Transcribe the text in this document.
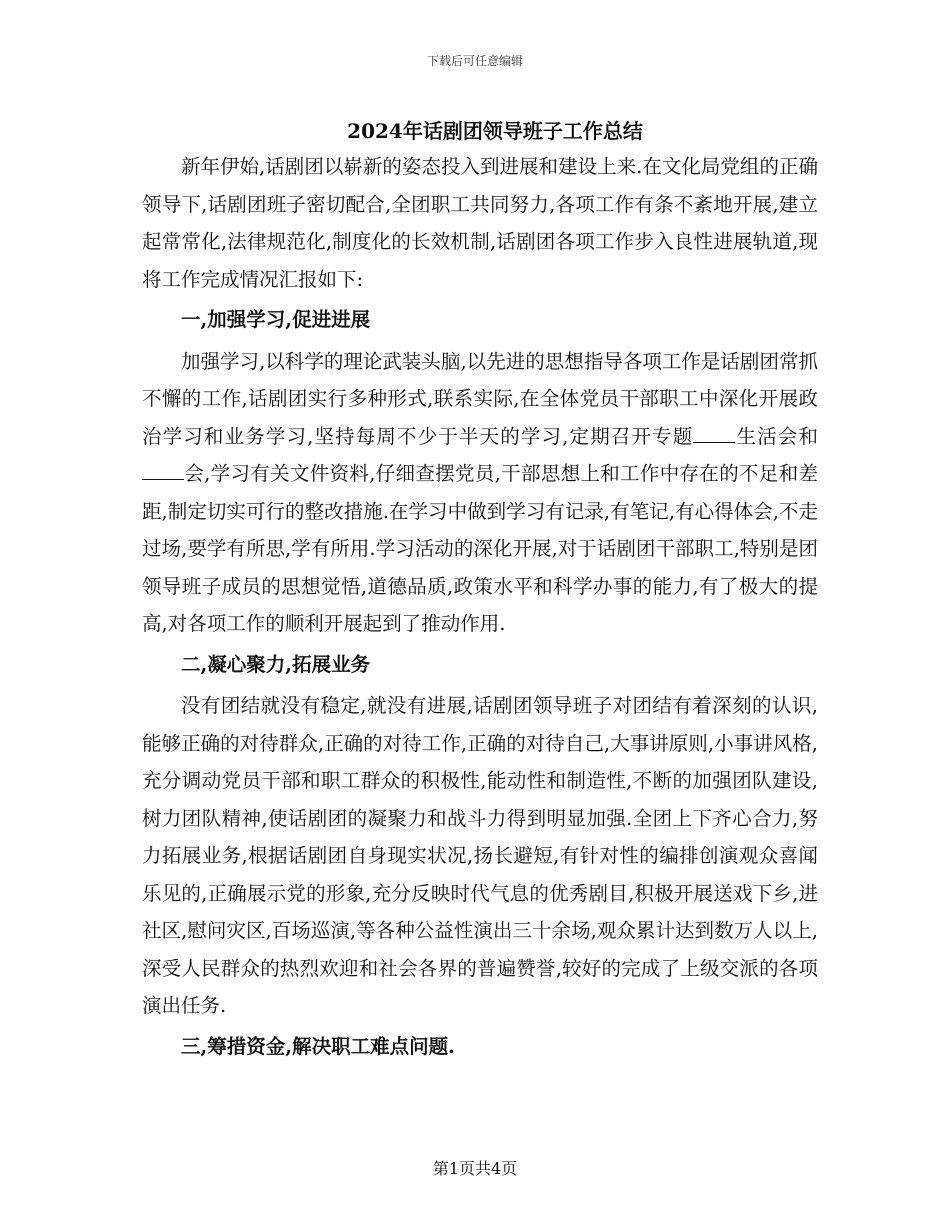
下载后可任意编辑
2024年话剧团领导班子工作总结

新年伊始,话剧团以崭新的姿态投入到进展和建设上来.在文化局党组的正确领导下,话剧团班子密切配合,全团职工共同努力,各项工作有条不紊地开展,建立起常常化,法律规范化,制度化的长效机制,话剧团各项工作步入良性进展轨道,现将工作完成情况汇报如下:

一,加强学习,促进进展

加强学习,以科学的理论武装头脑,以先进的思想指导各项工作是话剧团常抓不懈的工作,话剧团实行多种形式,联系实际,在全体党员干部职工中深化开展政治学习和业务学习,坚持每周不少于半天的学习,定期召开专题 生活会和会,学习有关文件资料,仔细查摆党员,干部思想上和工作中存在的不足和差距,制定切实可行的整改措施.在学习中做到学习有记录,有笔记,有心得体会,不走过场,要学有所思,学有所用.学习活动的深化开展,对于话剧团干部职工,特别是团领导班子成员的思想觉悟,道德品质,政策水平和科学办事的能力,有了极大的提高,对各项工作的顺利开展起到了推动作用.

二,凝心聚力,拓展业务

没有团结就没有稳定,就没有进展,话剧团领导班子对团结有着深刻的认识,能够正确的对待群众,正确的对待工作,正确的对待自己,大事讲原则,小事讲风格,充分调动党员干部和职工群众的积极性,能动性和制造性,不断的加强团队建设,树力团队精神,使话剧团的凝聚力和战斗力得到明显加强.全团上下齐心合力,努力拓展业务,根据话剧团自身现实状况,扬长避短,有针对性的编排创演观众喜闻乐见的,正确展示党的形象,充分反映时代气息的优秀剧目,积极开展送戏下乡,进社区,慰问灾区,百场巡演,等各种公益性演出三十余场,观众累计达到数万人以上,深受人民群众的热烈欢迎和社会各界的普遍赞誉,较好的完成了上级交派的各项演出任务.

三,筹措资金,解决职工难点问题.
第1页共4页
